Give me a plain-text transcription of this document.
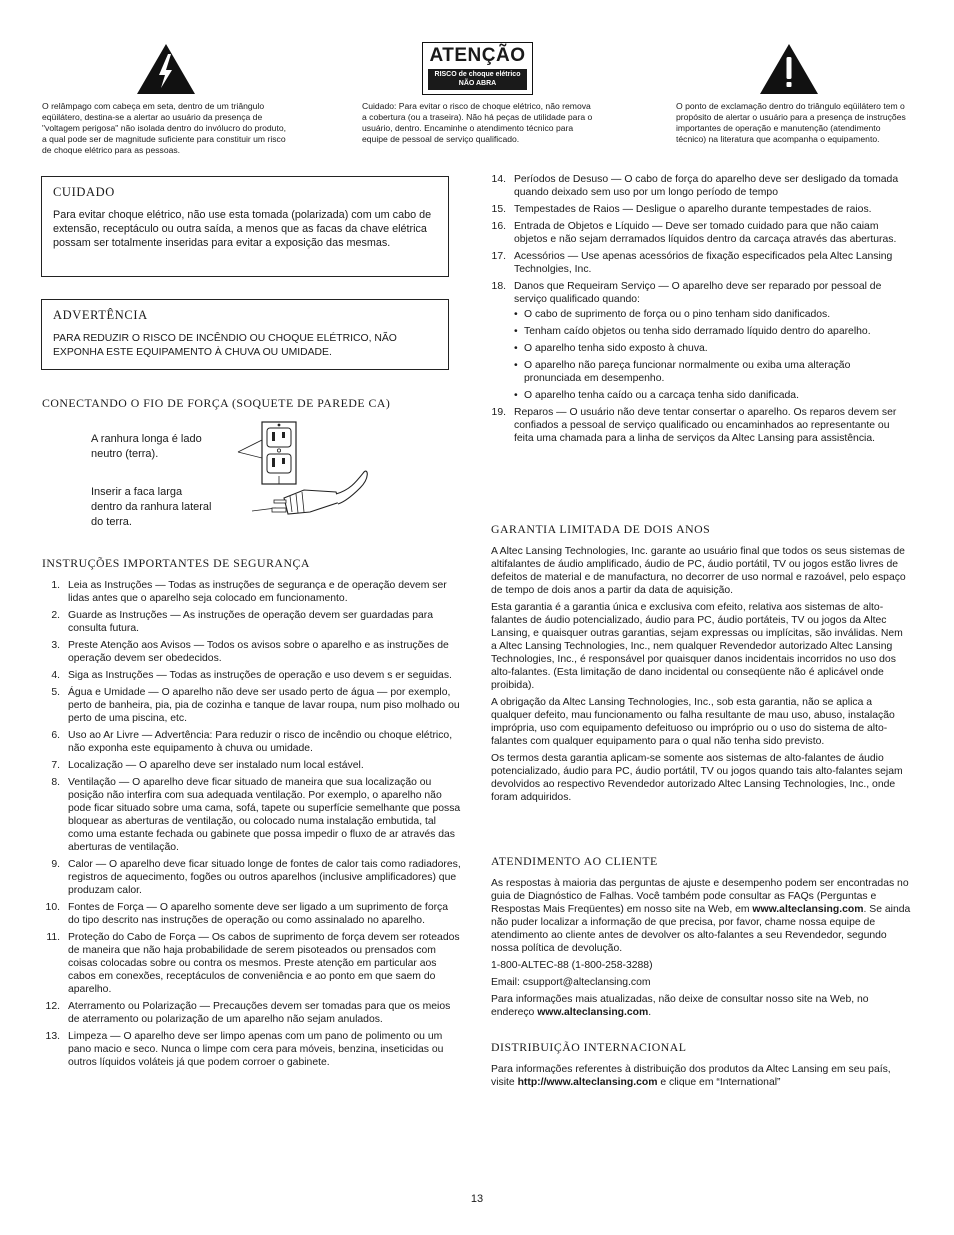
O relâmpago com cabeça em seta, dentro de um triângulo eqüilátero, destina-se a alertar ao usuário da presença de "voltagem perigosa" não isolada dentro do invólucro do produto, a qual pode ser de magnitude suficiente para constituir um risco de choque elétrico para as pessoas.
ATENÇÃO
RISCO de choque elétrico
NÃO ABRA
Cuidado: Para evitar o risco de choque elétrico, não remova a cobertura (ou a traseira). Não há peças de utilidade para o usuário, dentro. Encaminhe o atendimento técnico para equipe de pessoal de serviço qualificado.
O ponto de exclamação dentro do triângulo eqüilátero tem o propósito de alertar o usuário para a presença de instruções importantes de operação e manutenção (atendimento técnico) na literatura que acompanha o equipamento.
CUIDADO
Para evitar choque elétrico, não use esta tomada (polarizada) com um cabo de extensão, receptáculo ou outra saída, a menos que as facas da chave elétrica possam ser totalmente inseridas para evitar a exposição das mesmas.
ADVERTÊNCIA
PARA REDUZIR O RISCO DE INCÊNDIO OU CHOQUE ELÉTRICO, NÃO EXPONHA ESTE EQUIPAMENTO À CHUVA OU UMIDADE.
CONECTANDO O FIO DE FORÇA (SOQUETE DE PAREDE CA)
A ranhura longa é lado neutro (terra).
Inserir a faca larga dentro da ranhura lateral do terra.
INSTRUÇÕES IMPORTANTES DE SEGURANÇA
1. Leia as Instruções — Todas as instruções de segurança e de operação devem ser lidas antes que o aparelho seja colocado em funcionamento.
2. Guarde as Instruções — As instruções de operação devem ser guardadas para consulta futura.
3. Preste Atenção aos Avisos — Todos os avisos sobre o aparelho e as instruções de operação devem ser obedecidos.
4. Siga as Instruções — Todas as instruções de operação e uso devem s er seguidas.
5. Água e Umidade — O aparelho não deve ser usado perto de água — por exemplo, perto de banheira, pia, pia de cozinha e tanque de lavar roupa, num piso molhado ou perto de uma piscina, etc.
6. Uso ao Ar Livre — Advertência: Para reduzir o risco de incêndio ou choque elétrico, não exponha este equipamento à chuva ou umidade.
7. Localização — O aparelho deve ser instalado num local estável.
8. Ventilação — O aparelho deve ficar situado de maneira que sua localização ou posição não interfira com sua adequada ventilação. Por exemplo, o aparelho não pode ficar situado sobre uma cama, sofá, tapete ou superfície semelhante que possa bloquear as aberturas de ventilação, ou colocado numa instalação embutida, tal como uma estante fechada ou gabinete que possa impedir o fluxo de ar através das aberturas de ventilação.
9. Calor — O aparelho deve ficar situado longe de fontes de calor tais como radiadores, registros de aquecimento, fogões ou outros aparelhos (inclusive amplificadores) que produzam calor.
10. Fontes de Força — O aparelho somente deve ser ligado a um suprimento de força do tipo descrito nas instruções de operação ou como assinalado no aparelho.
11. Proteção do Cabo de Força — Os cabos de suprimento de força devem ser roteados de maneira que não haja probabilidade de serem pisoteados ou prensados com coisas colocadas sobre ou contra os mesmos. Preste atenção em particular aos cabos em conexões, receptáculos de conveniência e ao ponto em que saem do aparelho.
12. Aterramento ou Polarização — Precauções devem ser tomadas para que os meios de aterramento ou polarização de um aparelho não sejam anulados.
13. Limpeza — O aparelho deve ser limpo apenas com um pano de polimento ou um pano macio e seco. Nunca o limpe com cera para móveis, benzina, inseticidas ou outros líquidos voláteis já que podem corroer o gabinete.
14. Períodos de Desuso — O cabo de força do aparelho deve ser desligado da tomada quando deixado sem uso por um longo período de tempo
15. Tempestades de Raios — Desligue o aparelho durante tempestades de raios.
16. Entrada de Objetos e Líquido — Deve ser tomado cuidado para que não caiam objetos e não sejam derramados líquidos dentro da carcaça através das aberturas.
17. Acessórios — Use apenas acessórios de fixação especificados pela Altec Lansing Technolgies, Inc.
18. Danos que Requeiram Serviço — O aparelho deve ser reparado por pessoal de serviço qualificado quando:
• O cabo de suprimento de força ou o pino tenham sido danificados.
• Tenham caído objetos ou tenha sido derramado líquido dentro do aparelho.
• O aparelho tenha sido exposto à chuva.
• O aparelho não pareça funcionar normalmente ou exiba uma alteração pronunciada em desempenho.
• O aparelho tenha caído ou a carcaça tenha sido danificada.
19. Reparos — O usuário não deve tentar consertar o aparelho. Os reparos devem ser confiados a pessoal de serviço qualificado ou encaminhados ao representante ou feita uma chamada para a linha de serviços da Altec Lansing para assistência.
GARANTIA LIMITADA DE DOIS ANOS

A Altec Lansing Technologies, Inc. garante ao usuário final que todos os seus sistemas de altifalantes de áudio amplificado, áudio de PC, áudio portátil, TV ou jogos estão livres de defeitos de material e de manufactura, no decorrer de uso normal e razoável, pelo espaço de tempo de dois anos a partir da data de aquisição.

Esta garantia é a garantia única e exclusiva com efeito, relativa aos sistemas de alto-falantes de áudio potencializado, áudio para PC, áudio portáteis, TV ou jogos da Altec Lansing, e quaisquer outras garantias, sejam expressas ou implícitas, são inválidas. Nem a Altec Lansing Technologies, Inc., nem qualquer Revendedor autorizado Altec Lansing Technologies, Inc., é responsável por quaisquer danos incidentais incorridos no uso dos alto-falantes. (Esta limitação de dano incidental ou conseqüente não é aplicável onde proibida).

A obrigação da Altec Lansing Technologies, Inc., sob esta garantia, não se aplica a qualquer defeito, mau funcionamento ou falha resultante de mau uso, abuso, instalação imprópria, uso com equipamento defeituoso ou impróprio ou o uso do sistema de alto-falantes com qualquer equipamento para o qual não tenha sido previsto.

Os termos desta garantia aplicam-se somente aos sistemas de alto-falantes de áudio potencializado, áudio para PC, áudio portátil, TV ou jogos quando tais alto-falantes sejam devolvidos ao respectivo Revendedor autorizado Altec Lansing Technologies, Inc., onde foram adquiridos.

ATENDIMENTO AO CLIENTE

As respostas à maioria das perguntas de ajuste e desempenho podem ser encontradas no guia de Diagnóstico de Falhas. Você também pode consultar as FAQs (Perguntas e Respostas Mais Freqüentes) em nosso site na Web, em www.alteclansing.com. Se ainda não puder localizar a informação de que precisa, por favor, chame nossa equipe de atendimento ao cliente antes de devolver os alto-falantes a seu Revendedor, segundo nossa política de devolução.

1-800-ALTEC-88 (1-800-258-3288)

Email: csupport@alteclansing.com

Para informações mais atualizadas, não deixe de consultar nosso site na Web, no endereço www.alteclansing.com.

DISTRIBUIÇÃO INTERNACIONAL

Para informações referentes à distribuição dos produtos da Altec Lansing em seu país, visite http://www.alteclansing.com e clique em “International”

13
